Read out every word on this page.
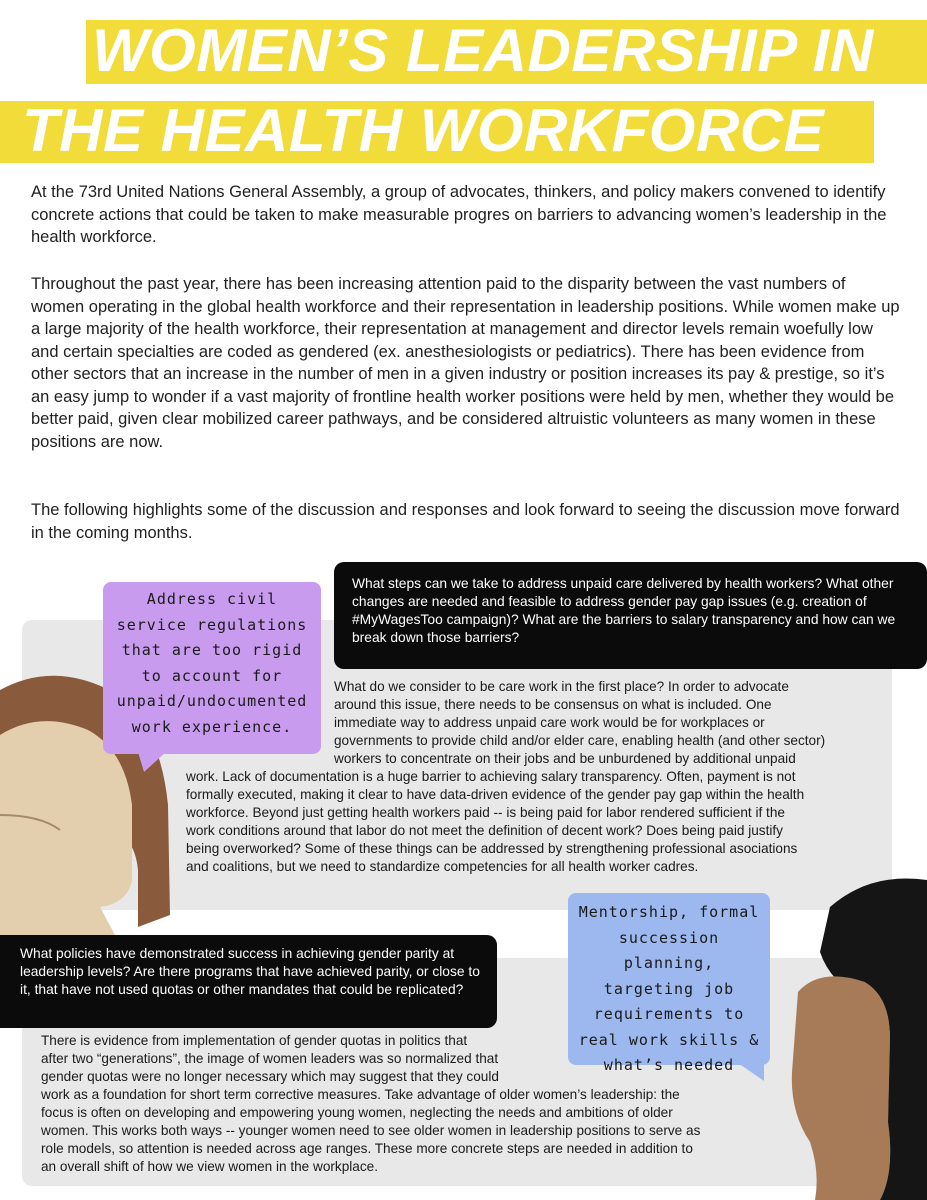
WOMEN’S LEADERSHIP IN
THE HEALTH WORKFORCE

At the 73rd United Nations General Assembly, a group of advocates, thinkers, and policy makers convened to identify concrete actions that could be taken to make measurable progres on barriers to advancing women’s leadership in the health workforce.

Throughout the past year, there has been increasing attention paid to the disparity between the vast numbers of women operating in the global health workforce and their representation in leadership positions. While women make up a large majority of the health workforce, their representation at management and director levels remain woefully low and certain specialties are coded as gendered (ex. anesthesiologists or pediatrics). There has been evidence from other sectors that an increase in the number of men in a given industry or position increases its pay & prestige, so it’s an easy jump to wonder if a vast majority of frontline health worker positions were held by men, whether they would be better paid, given clear mobilized career pathways, and be considered altruistic volunteers as many women in these positions are now.

The following highlights some of the discussion and responses and look forward to seeing the discussion move forward in the coming months.

What steps can we take to address unpaid care delivered by health workers? What other changes are needed and feasible to address gender pay gap issues (e.g. creation of #MyWagesToo campaign)? What are the barriers to salary transparency and how can we break down those barriers?
Address civil service regulations that are too rigid to account for unpaid/undocumented work experience.

What do we consider to be care work in the first place? In order to advocate

around this issue, there needs to be consensus on what is included. One

immediate way to address unpaid care work would be for workplaces or

governments to provide child and/or elder care, enabling health (and other sector)

workers to concentrate on their jobs and be unburdened by additional unpaid

work. Lack of documentation is a huge barrier to achieving salary transparency. Often, payment is not

formally executed, making it clear to have data-driven evidence of the gender pay gap within the health

workforce. Beyond just getting health workers paid -- is being paid for labor rendered sufficient if the

work conditions around that labor do not meet the definition of decent work? Does being paid justify

being overworked? Some of these things can be addressed by strengthening professional asociations

and coalitions, but we need to standardize competencies for all health worker cadres.

What policies have demonstrated success in achieving gender parity at leadership levels? Are there programs that have achieved parity, or close to it, that have not used quotas or other mandates that could be replicated?
Mentorship, formal succession planning, targeting job requirements to real work skills & what’s needed

There is evidence from implementation of gender quotas in politics that

after two “generations”, the image of women leaders was so normalized that

gender quotas were no longer necessary which may suggest that they could

work as a foundation for short term corrective measures. Take advantage of older women’s leadership: the

focus is often on developing and empowering young women, neglecting the needs and ambitions of older

women. This works both ways -- younger women need to see older women in leadership positions to serve as

role models, so attention is needed across age ranges. These more concrete steps are needed in addition to

an overall shift of how we view women in the workplace.
